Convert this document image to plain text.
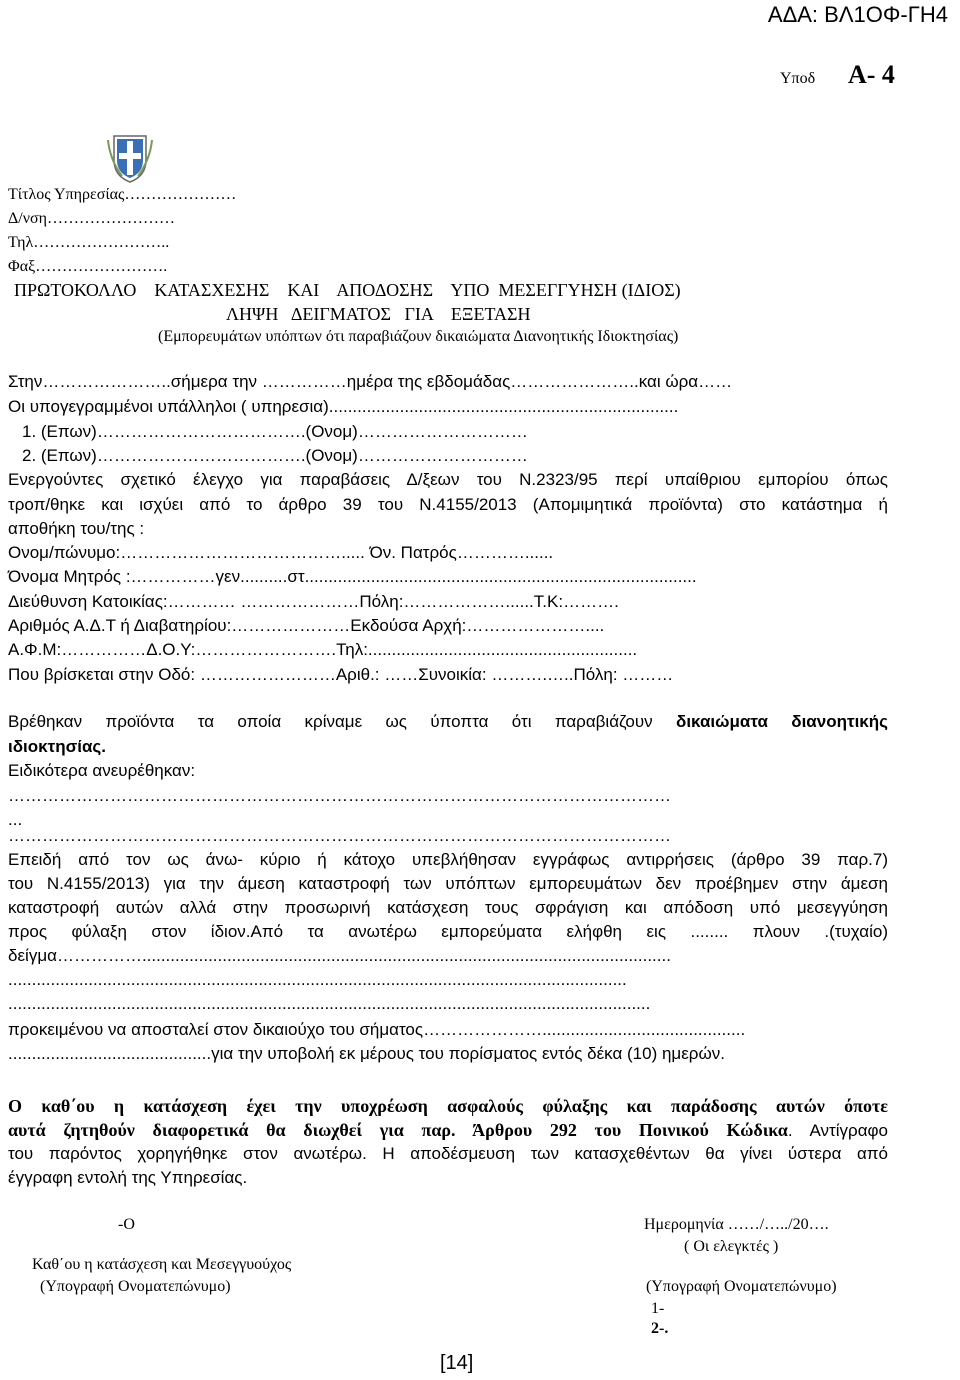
ΑΔΑ: ΒΛ1ΟΦ-ΓΗ4
Υποδ Α- 4
Τίτλος Υπηρεσίας…………………
Δ/νση……………………
Τηλ……………………..
Φαξ…………………….
ΠΡΩΤΟΚΟΛΛΟ    ΚΑΤΑΣΧΕΣΗΣ    ΚΑΙ    ΑΠΟΔΟΣΗΣ    ΥΠΟ  ΜΕΣΕΓΓΥΗΣΗ (ΙΔΙΟΣ)
ΛΗΨΗ   ΔΕΙΓΜΑΤΟΣ   ΓΙΑ    ΕΞΕΤΑΣΗ
(Εμπορευμάτων υπόπτων ότι παραβιάζουν δικαιώματα Διανοητικής Ιδιοκτησίας)
Στην…………………..σήμερα την ……………ημέρα της εβδομάδας…………………..και ώρα……
Οι υπογεγραμμένοι υπάλληλοι ( υπηρεσια)..........................................................................
1. (Επων)……………………………….(Ονομ)…………………………
2. (Επων)……………………………….(Ονομ)…………………………
Ενεργούντες σχετικό έλεγχο για παραβάσεις Δ/ξεων του Ν.2323/95 περί υπαίθριου εμπορίου όπως
τροπ/θηκε και ισχύει από το άρθρο 39 του Ν.4155/2013 (Απομιμητικά προϊόντα) στο κατάστημα ή
αποθήκη του/της :
Ονομ/πώνυμο:…………………………………..... Όν. Πατρός…………......
Όνομα Μητρός :……………γεν..........στ...................................................................................
Διεύθυνση Κατοικίας:………… …………………Πόλη:………………......Τ.Κ:……….
Αριθμός Α.Δ.Τ ή Διαβατηρίου:…………………Εκδούσα Αρχή:…………………....
Α.Φ.Μ:……………Δ.Ο.Υ:…………………….Τηλ:.........................................................
Που βρίσκεται στην Οδό: ……………………Αριθ.: ……Συνοικία: ……….…..Πόλη: ………
Βρέθηκαν προϊόντα τα οποία κρίναμε ως ύποπτα ότι παραβιάζουν δικαιώματα διανοητικής
ιδιοκτησίας.
Ειδικότερα ανευρέθηκαν:
………………………………………………………………………………………………………
...
………………………………………………………………………………………………………
Επειδή από τον ως άνω- κύριο ή κάτοχο υπεβλήθησαν εγγράφως αντιρρήσεις (άρθρο 39 παρ.7)
του Ν.4155/2013) για την άμεση καταστροφή των υπόπτων εμπορευμάτων δεν προέβημεν στην άμεση
καταστροφή αυτών αλλά στην προσωρινή κατάσχεση τους σφράγιση και απόδοση υπό μεσεγγύηση
προς φύλαξη στον ίδιον.Από τα ανωτέρω εμπορεύματα ελήφθη εις ........ πλουν .(τυχαίο)
δείγμα……………................................................................................................................
...................................................................................................................................
........................................................................................................................................
προκειμένου να αποσταλεί στον δικαιούχο του σήματος…………………...........................................
...........................................για την υποβολή εκ μέρους του πορίσματος εντός δέκα (10) ημερών.
Ο καθ΄ου η κατάσχεση έχει την υποχρέωση ασφαλούς φύλαξης και παράδοσης αυτών όποτε
αυτά ζητηθούν διαφορετικά θα διωχθεί για παρ. Άρθρου 292 του Ποινικού Κώδικα. Αντίγραφο
του παρόντος χορηγήθηκε στον ανωτέρω. Η αποδέσμευση των κατασχεθέντων θα γίνει ύστερα από
έγγραφη εντολή της Υπηρεσίας.
-Ο	Ημερομηνία ……/…../20….
( Οι ελεγκτές )
Καθ΄ου η κατάσχεση και Μεσεγγυούχος
(Υπογραφή Ονοματεπώνυμο)	(Υπογραφή Ονοματεπώνυμο)
1-
2-.
[14]
